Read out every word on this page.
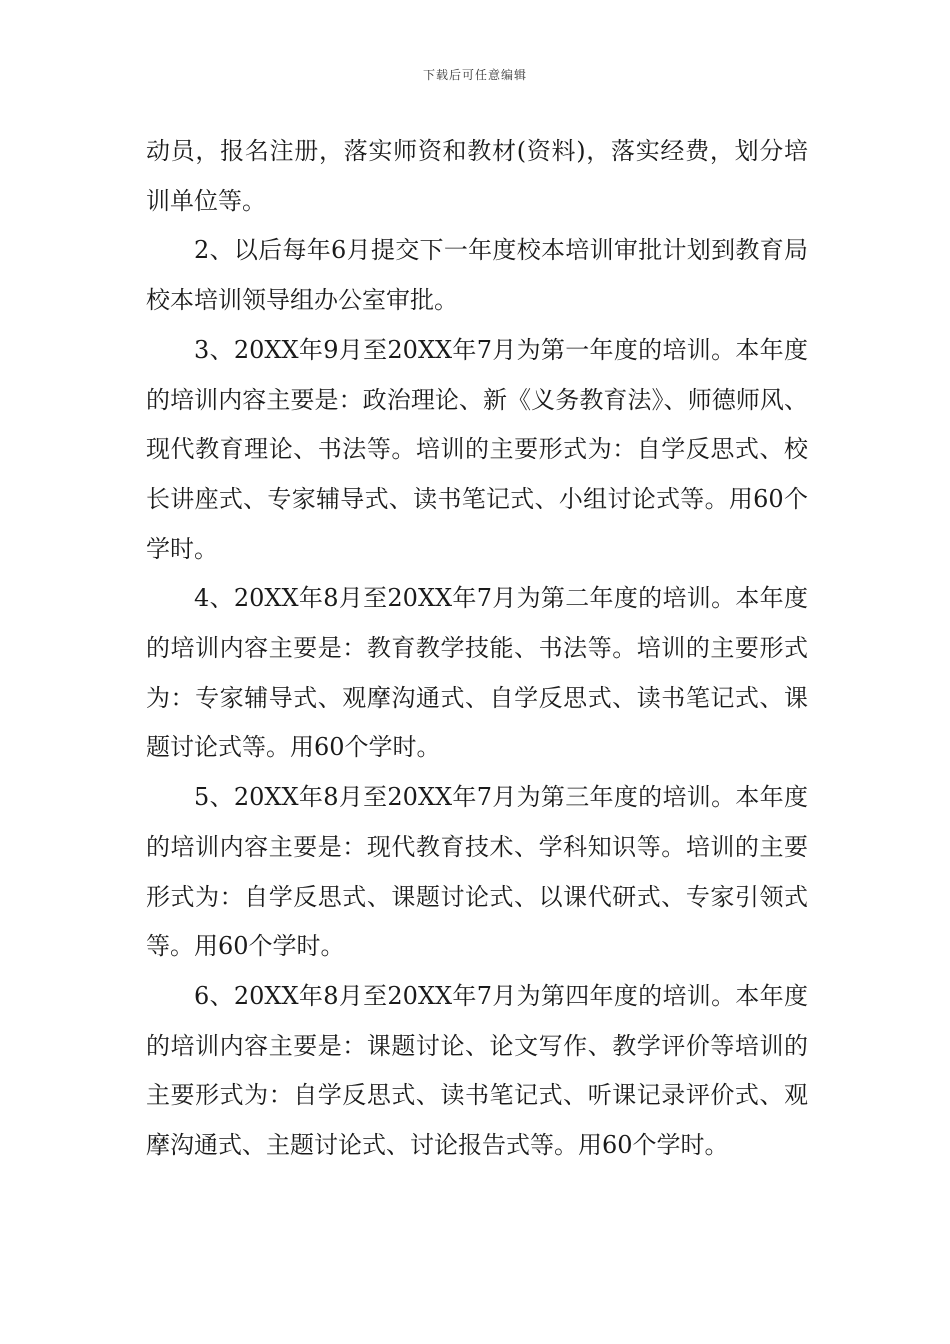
下载后可任意编辑

动员，报名注册，落实师资和教材(资料)，落实经费，划分培训单位等。

2、以后每年6月提交下一年度校本培训审批计划到教育局校本培训领导组办公室审批。

3、20XX年9月至20XX年7月为第一年度的培训。本年度的培训内容主要是：政治理论、新《义务教育法》、师德师风、现代教育理论、书法等。培训的主要形式为：自学反思式、校长讲座式、专家辅导式、读书笔记式、小组讨论式等。用60个学时。

4、20XX年8月至20XX年7月为第二年度的培训。本年度的培训内容主要是：教育教学技能、书法等。培训的主要形式为：专家辅导式、观摩沟通式、自学反思式、读书笔记式、课题讨论式等。用60个学时。

5、20XX年8月至20XX年7月为第三年度的培训。本年度的培训内容主要是：现代教育技术、学科知识等。培训的主要形式为：自学反思式、课题讨论式、以课代研式、专家引领式等。用60个学时。

6、20XX年8月至20XX年7月为第四年度的培训。本年度的培训内容主要是：课题讨论、论文写作、教学评价等培训的主要形式为：自学反思式、读书笔记式、听课记录评价式、观摩沟通式、主题讨论式、讨论报告式等。用60个学时。
